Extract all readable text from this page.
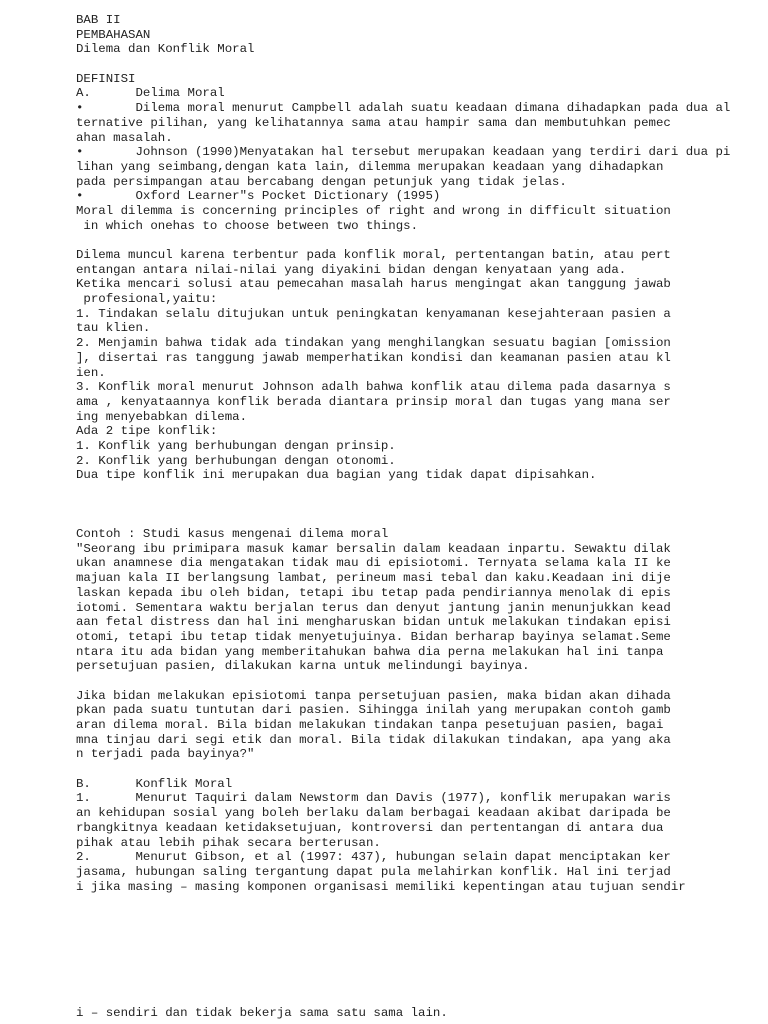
BAB II
PEMBAHASAN
Dilema dan Konflik Moral
DEFINISI
A.      Delima Moral
•       Dilema moral menurut Campbell adalah suatu keadaan dimana dihadapkan pada dua al
ternative pilihan, yang kelihatannya sama atau hampir sama dan membutuhkan pemec
ahan masalah.
•       Johnson (1990)Menyatakan hal tersebut merupakan keadaan yang terdiri dari dua pi
lihan yang seimbang,dengan kata lain, dilemma merupakan keadaan yang dihadapkan
pada persimpangan atau bercabang dengan petunjuk yang tidak jelas.
•       Oxford Learner"s Pocket Dictionary (1995)
Moral dilemma is concerning principles of right and wrong in difficult situation
in which onehas to choose between two things.
Dilema muncul karena terbentur pada konflik moral, pertentangan batin, atau pert
entangan antara nilai-nilai yang diyakini bidan dengan kenyataan yang ada.
Ketika mencari solusi atau pemecahan masalah harus mengingat akan tanggung jawab
profesional,yaitu:
1. Tindakan selalu ditujukan untuk peningkatan kenyamanan kesejahteraan pasien a
tau klien.
2. Menjamin bahwa tidak ada tindakan yang menghilangkan sesuatu bagian [omission
], disertai ras tanggung jawab memperhatikan kondisi dan keamanan pasien atau kl
ien.
3. Konflik moral menurut Johnson adalh bahwa konflik atau dilema pada dasarnya s
ama , kenyataannya konflik berada diantara prinsip moral dan tugas yang mana ser
ing menyebabkan dilema.
Ada 2 tipe konflik:
1. Konflik yang berhubungan dengan prinsip.
2. Konflik yang berhubungan dengan otonomi.
Dua tipe konflik ini merupakan dua bagian yang tidak dapat dipisahkan.
Contoh : Studi kasus mengenai dilema moral
"Seorang ibu primipara masuk kamar bersalin dalam keadaan inpartu. Sewaktu dilak
ukan anamnese dia mengatakan tidak mau di episiotomi. Ternyata selama kala II ke
majuan kala II berlangsung lambat, perineum masi tebal dan kaku.Keadaan ini dije
laskan kepada ibu oleh bidan, tetapi ibu tetap pada pendiriannya menolak di epis
iotomi. Sementara waktu berjalan terus dan denyut jantung janin menunjukkan kead
aan fetal distress dan hal ini mengharuskan bidan untuk melakukan tindakan episi
otomi, tetapi ibu tetap tidak menyetujuinya. Bidan berharap bayinya selamat.Seme
ntara itu ada bidan yang memberitahukan bahwa dia perna melakukan hal ini tanpa
persetujuan pasien, dilakukan karna untuk melindungi bayinya.
Jika bidan melakukan episiotomi tanpa persetujuan pasien, maka bidan akan dihada
pkan pada suatu tuntutan dari pasien. Sihingga inilah yang merupakan contoh gamb
aran dilema moral. Bila bidan melakukan tindakan tanpa pesetujuan pasien, bagai
mna tinjau dari segi etik dan moral. Bila tidak dilakukan tindakan, apa yang aka
n terjadi pada bayinya?"
B.      Konflik Moral
1.      Menurut Taquiri dalam Newstorm dan Davis (1977), konflik merupakan waris
an kehidupan sosial yang boleh berlaku dalam berbagai keadaan akibat daripada be
rbangkitnya keadaan ketidaksetujuan, kontroversi dan pertentangan di antara dua
pihak atau lebih pihak secara berterusan.
2.      Menurut Gibson, et al (1997: 437), hubungan selain dapat menciptakan ker
jasama, hubungan saling tergantung dapat pula melahirkan konflik. Hal ini terjad
i jika masing – masing komponen organisasi memiliki kepentingan atau tujuan sendir
i – sendiri dan tidak bekerja sama satu sama lain.
